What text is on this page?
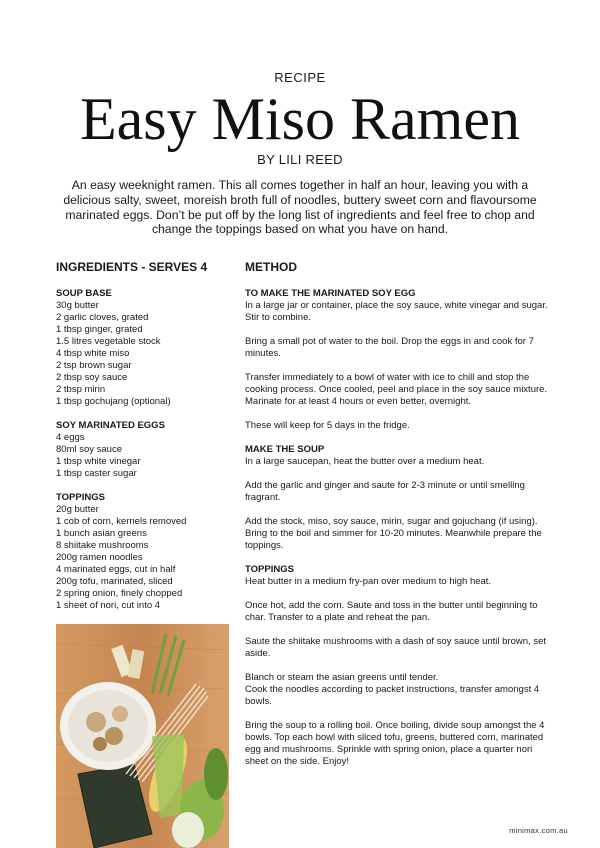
RECIPE
Easy Miso Ramen
BY LILI REED
An easy weeknight ramen. This all comes together in half an hour, leaving you with a delicious salty, sweet, moreish broth full of noodles, buttery sweet corn and flavoursome marinated eggs. Don’t be put off by the long list of ingredients and feel free to chop and change the toppings based on what you have on hand.
INGREDIENTS - SERVES 4
SOUP BASE
30g butter
2 garlic cloves, grated
1 tbsp ginger, grated
1.5 litres vegetable stock
4 tbsp white miso
2 tsp brown sugar
2 tbsp soy sauce
2 tbsp mirin
1 tbsp gochujang (optional)
SOY MARINATED EGGS
4 eggs
80ml soy sauce
1 tbsp white vinegar
1 tbsp caster sugar
TOPPINGS
20g butter
1 cob of corn, kernels removed
1 bunch asian greens
8 shiitake mushrooms
200g ramen noodles
4 marinated eggs, cut in half
200g tofu, marinated, sliced
2 spring onion, finely chopped
1 sheet of nori, cut into 4
METHOD
TO MAKE THE MARINATED SOY EGG
In a large jar or container, place the soy sauce, white vinegar and sugar. Stir to combine.
Bring a small pot of water to the boil. Drop the eggs in and cook for 7 minutes.
Transfer immediately to a bowl of water with ice to chill and stop the cooking process. Once cooled, peel and place in the soy sauce mixture. Marinate for at least 4 hours or even better, overnight.
These will keep for 5 days in the fridge.
MAKE THE SOUP
In a large saucepan, heat the butter over a medium heat.
Add the garlic and ginger and saute for 2-3 minute or until smelling fragrant.
Add the stock, miso, soy sauce, mirin, sugar and gojuchang (if using). Bring to the boil and simmer for 10-20 minutes. Meanwhile prepare the toppings.
TOPPINGS
Heat butter in a medium fry-pan over medium to high heat.
Once hot, add the corn. Saute and toss in the butter until beginning to char. Transfer to a plate and reheat the pan.
Saute the shiitake mushrooms with a dash of soy sauce until brown, set aside.
Blanch or steam the asian greens until tender.
Cook the noodles according to packet instructions, transfer amongst 4 bowls.
Bring the soup to a rolling boil. Once boiling, divide soup amongst the 4 bowls. Top each bowl with sliced tofu, greens, buttered corn, marinated egg and mushrooms. Sprinkle with spring onion, place a quarter nori sheet on the side. Enjoy!
minimax.com.au
